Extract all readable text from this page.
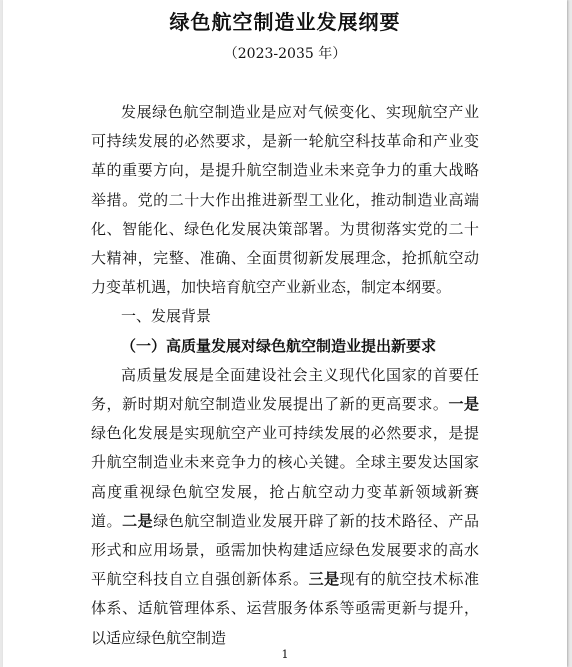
绿色航空制造业发展纲要
（2023-2035 年）

发展绿色航空制造业是应对气候变化、实现航空产业可持续发展的必然要求，是新一轮航空科技革命和产业变革的重要方向，是提升航空制造业未来竞争力的重大战略举措。党的二十大作出推进新型工业化，推动制造业高端化、智能化、绿色化发展决策部署。为贯彻落实党的二十大精神，完整、准确、全面贯彻新发展理念，抢抓航空动力变革机遇，加快培育航空产业新业态，制定本纲要。

一、发展背景

（一）高质量发展对绿色航空制造业提出新要求

高质量发展是全面建设社会主义现代化国家的首要任务，新时期对航空制造业发展提出了新的更高要求。一是绿色化发展是实现航空产业可持续发展的必然要求，是提升航空制造业未来竞争力的核心关键。全球主要发达国家高度重视绿色航空发展，抢占航空动力变革新领域新赛道。二是绿色航空制造业发展开辟了新的技术路径、产品形式和应用场景，亟需加快构建适应绿色发展要求的高水平航空科技自立自强创新体系。三是现有的航空技术标准体系、适航管理体系、运营服务体系等亟需更新与提升，以适应绿色航空制造

1
